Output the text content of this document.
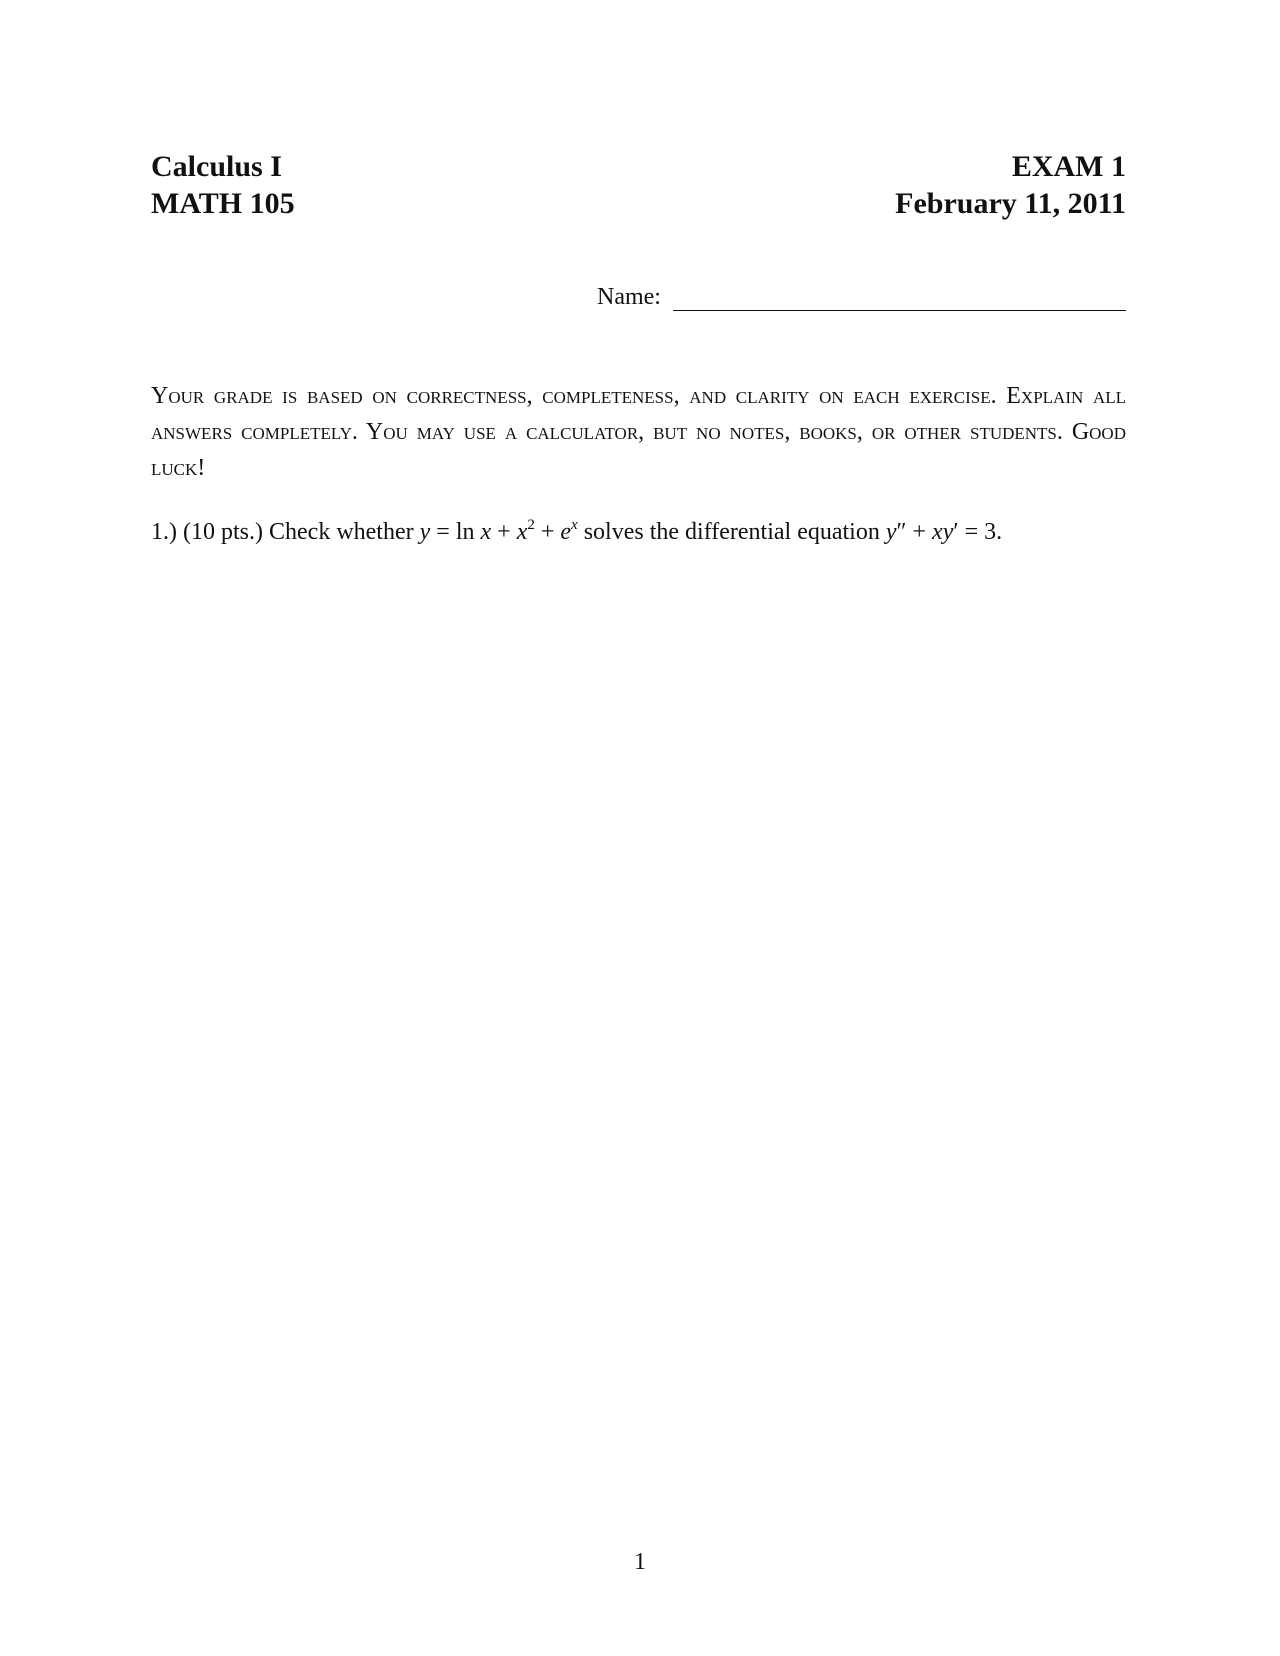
Calculus I
MATH 105
EXAM 1
February 11, 2011
Name:
Your grade is based on correctness, completeness, and clarity on each exercise. Explain all answers completely. You may use a calculator, but no notes, books, or other students. Good luck!
1.) (10 pts.) Check whether $y = \ln x + x^2 + e^x$ solves the differential equation y″ + xy′ = 3.
1
